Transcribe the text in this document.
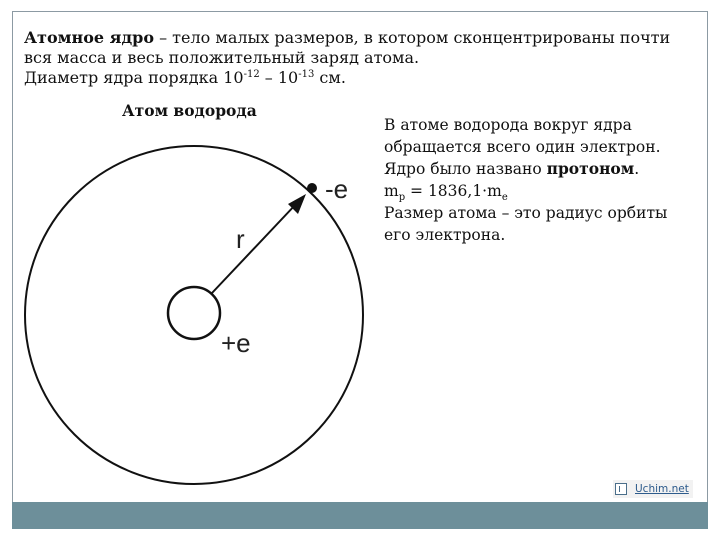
Атомное ядро – тело малых размеров, в котором сконцентрированы почти
вся масса и весь положительный заряд атома.
Диаметр ядра порядка $10^{-12} - 10^{-13}$ см.
Атом водорода
-e
r
+e
В атоме водорода вокруг ядра
обращается всего один электрон.
Ядро было названо протоном.
$m_p = 1836,1\cdot m_e$
Размер атома – это радиус орбиты
его электрона.
Uchim.net
